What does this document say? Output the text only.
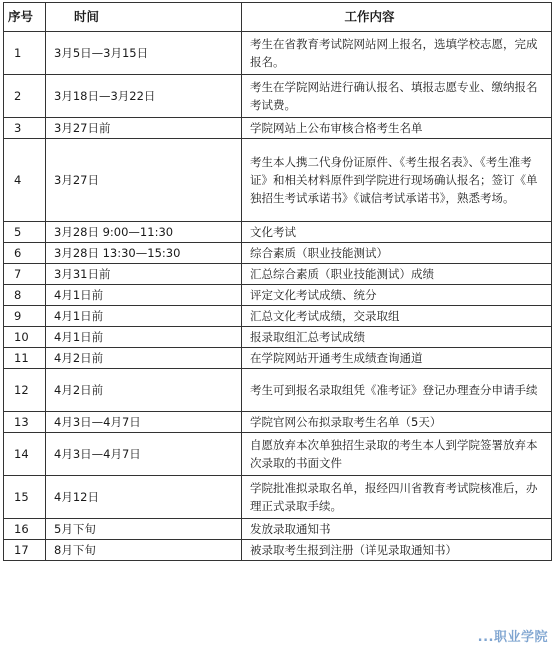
序号	时间	工作内容
1	3月5日—3月15日	考生在省教育考试院网站网上报名，选填学校志愿，完成报名。
2	3月18日—3月22日	考生在学院网站进行确认报名、填报志愿专业、缴纳报名考试费。
3	3月27日前	学院网站上公布审核合格考生名单
4	3月27日	考生本人携二代身份证原件、《考生报名表》、《考生准考证》和相关材料原件到学院进行现场确认报名；签订《单独招生考试承诺书》《诚信考试承诺书》，熟悉考场。
5	3月28日 9:00—11:30	文化考试
6	3月28日 13:30—15:30	综合素质（职业技能测试）
7	3月31日前	汇总综合素质（职业技能测试）成绩
8	4月1日前	评定文化考试成绩、统分
9	4月1日前	汇总文化考试成绩，交录取组
10	4月1日前	报录取组汇总考试成绩
11	4月2日前	在学院网站开通考生成绩查询通道
12	4月2日前	考生可到报名录取组凭《准考证》登记办理查分申请手续
13	4月3日—4月7日	学院官网公布拟录取考生名单（5天）
14	4月3日—4月7日	自愿放弃本次单独招生录取的考生本人到学院签署放弃本次录取的书面文件
15	4月12日	学院批准拟录取名单，报经四川省教育考试院核准后，办理正式录取手续。
16	5月下旬	发放录取通知书
17	8月下旬	被录取考生报到注册（详见录取通知书）
...职业学院
